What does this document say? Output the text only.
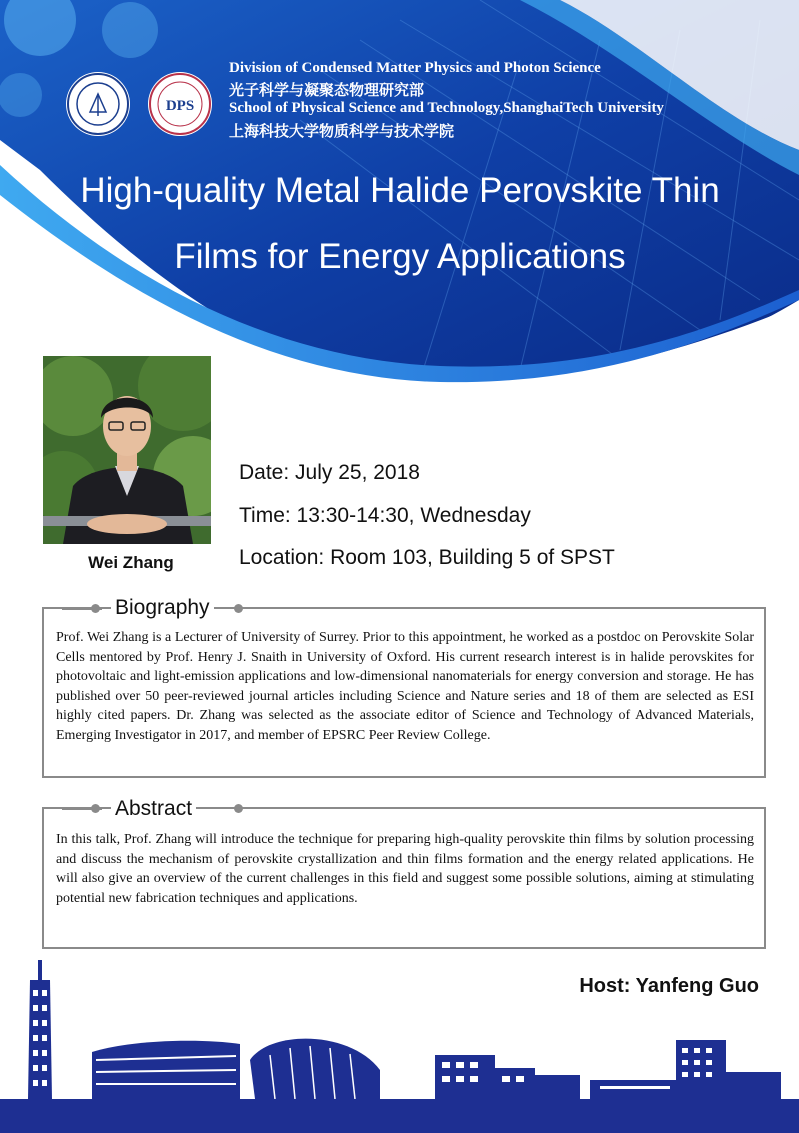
DPS
Division of Condensed Matter Physics and Photon Science
光子科学与凝聚态物理研究部
School of Physical Science and Technology,ShanghaiTech University
上海科技大学物质科学与技术学院
High-quality Metal Halide Perovskite Thin
Films for Energy Applications
Wei Zhang
Date: July 25, 2018
Time: 13:30-14:30, Wednesday
Location: Room 103, Building 5 of SPST
Biography
Prof. Wei Zhang is a Lecturer of University of Surrey. Prior to this appointment, he worked as a postdoc on Perovskite Solar Cells mentored by Prof. Henry J. Snaith in University of Oxford. His current research interest is in halide perovskites for photovoltaic and light-emission applications and low-dimensional nanomaterials for energy conversion and storage. He has published over 50 peer-reviewed journal articles including Science and Nature series and 18 of them are selected as ESI highly cited papers. Dr. Zhang was selected as the associate editor of Science and Technology of Advanced Materials, Emerging Investigator in 2017, and member of EPSRC Peer Review College.
Abstract
In this talk, Prof. Zhang will introduce the technique for preparing high-quality perovskite thin films by solution processing and discuss the mechanism of perovskite crystallization and thin films formation and the energy related applications. He will also give an overview of the current challenges in this field and suggest some possible solutions, aiming at stimulating potential new fabrication techniques and applications.
Host: Yanfeng Guo
